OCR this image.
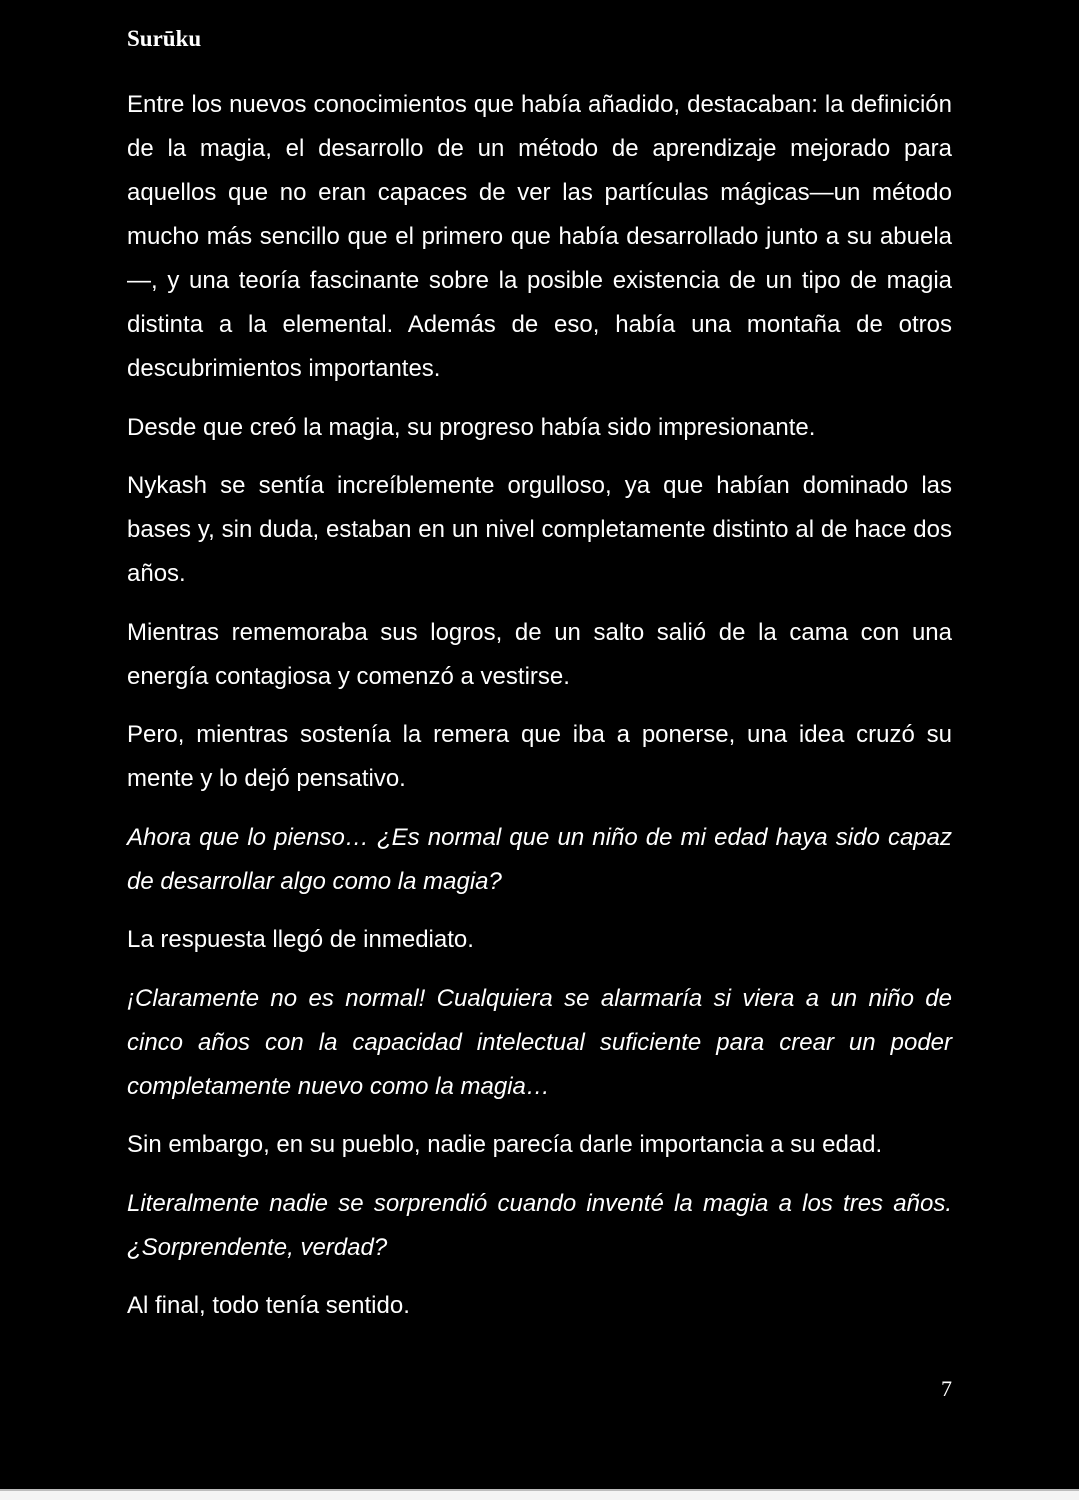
Surūku

Entre los nuevos conocimientos que había añadido, destacaban: la definición de la magia, el desarrollo de un método de aprendizaje mejorado para aquellos que no eran capaces de ver las partículas mágicas—un método mucho más sencillo que el primero que había desarrollado junto a su abuela—, y una teoría fascinante sobre la posible existencia de un tipo de magia distinta a la elemental. Además de eso, había una montaña de otros descubrimientos importantes.

Desde que creó la magia, su progreso había sido impresionante.

Nykash se sentía increíblemente orgulloso, ya que habían dominado las bases y, sin duda, estaban en un nivel completamente distinto al de hace dos años.

Mientras rememoraba sus logros, de un salto salió de la cama con una energía contagiosa y comenzó a vestirse.

Pero, mientras sostenía la remera que iba a ponerse, una idea cruzó su mente y lo dejó pensativo.

Ahora que lo pienso… ¿Es normal que un niño de mi edad haya sido capaz de desarrollar algo como la magia?

La respuesta llegó de inmediato.

¡Claramente no es normal! Cualquiera se alarmaría si viera a un niño de cinco años con la capacidad intelectual suficiente para crear un poder completamente nuevo como la magia…

Sin embargo, en su pueblo, nadie parecía darle importancia a su edad.

Literalmente nadie se sorprendió cuando inventé la magia a los tres años. ¿Sorprendente, verdad?

Al final, todo tenía sentido.

7
